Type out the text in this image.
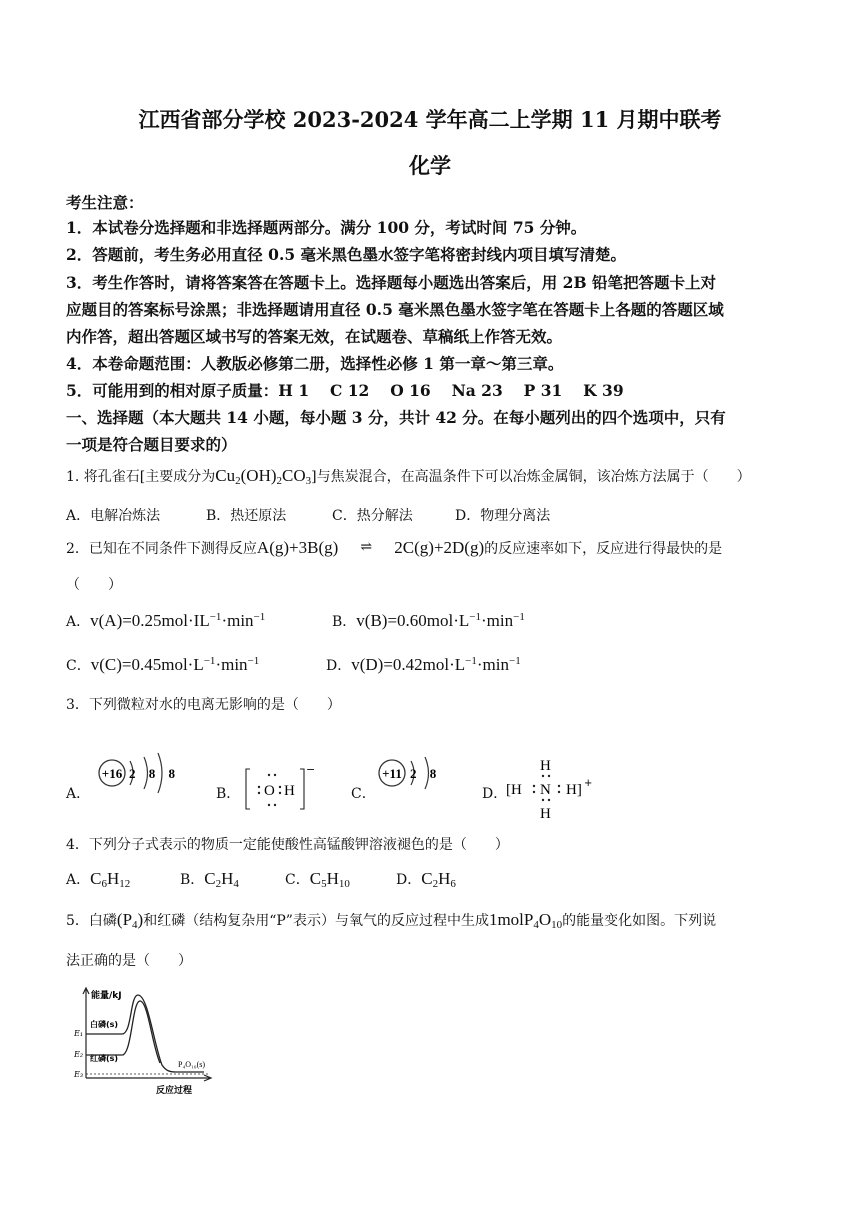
江西省部分学校 2023-2024 学年高二上学期 11 月期中联考
化学
考生注意：
1．本试卷分选择题和非选择题两部分。满分 100 分，考试时间 75 分钟。
2．答题前，考生务必用直径 0.5 毫米黑色墨水签字笔将密封线内项目填写清楚。
3．考生作答时，请将答案答在答题卡上。选择题每小题选出答案后，用 2B 铅笔把答题卡上对
应题目的答案标号涂黑；非选择题请用直径 0.5 毫米黑色墨水签字笔在答题卡上各题的答题区域
内作答，超出答题区域书写的答案无效，在试题卷、草稿纸上作答无效。
4．本卷命题范围：人教版必修第二册，选择性必修 1 第一章～第三章。
5．可能用到的相对原子质量：H 1　 C 12　 O 16　 Na 23　 P 31　 K 39
一、选择题（本大题共 14 小题，每小题 3 分，共计 42 分。在每小题列出的四个选项中，只有
一项是符合题目要求的）
1. 将孔雀石[主要成分为$Cu_2(OH)_2CO_3$]与焦炭混合，在高温条件下可以冶炼金属铜，该冶炼方法属于（　　）
A．电解冶炼法	B．热还原法	C．热分解法	D．物理分离法
2．已知在不同条件下测得反应A(g)+3B(g) ⇌ 2C(g)+2D(g)的反应速率如下，反应进行得最快的是
（　　）
A．$v(A)=0.25mol\cdot IL^{-1}\cdot\min^{-1}$	B．$v(B)=0.60mol\cdot L^{-1}\cdot\min^{-1}$
C．$v(C)=0.45mol\cdot L^{-1}\cdot\min^{-1}$	D．$v(D)=0.42mol\cdot L^{-1}\cdot\min^{-1}$
3．下列微粒对水的电离无影响的是（　　）
A．
+16 2 8 8
B． O H
−
C．
+11 2 8
D．
H
[H N H]
H
+
4．下列分子式表示的物质一定能使酸性高锰酸钾溶液褪色的是（　　）
A．$C_6H_{12}$	B．$C_2H_4$	C．$C_5H_{10}$	D．$C_2H_6$
5．白磷$(P_4)$和红磷（结构复杂用“P”表示）与氧气的反应过程中生成$1molP_4O_{10}$的能量变化如图。下列说
法正确的是（　　）
能量/kJ
E₁
E₂
E₃
白磷(s)
红磷(s)
P₄O₁₀(s)
反应过程
